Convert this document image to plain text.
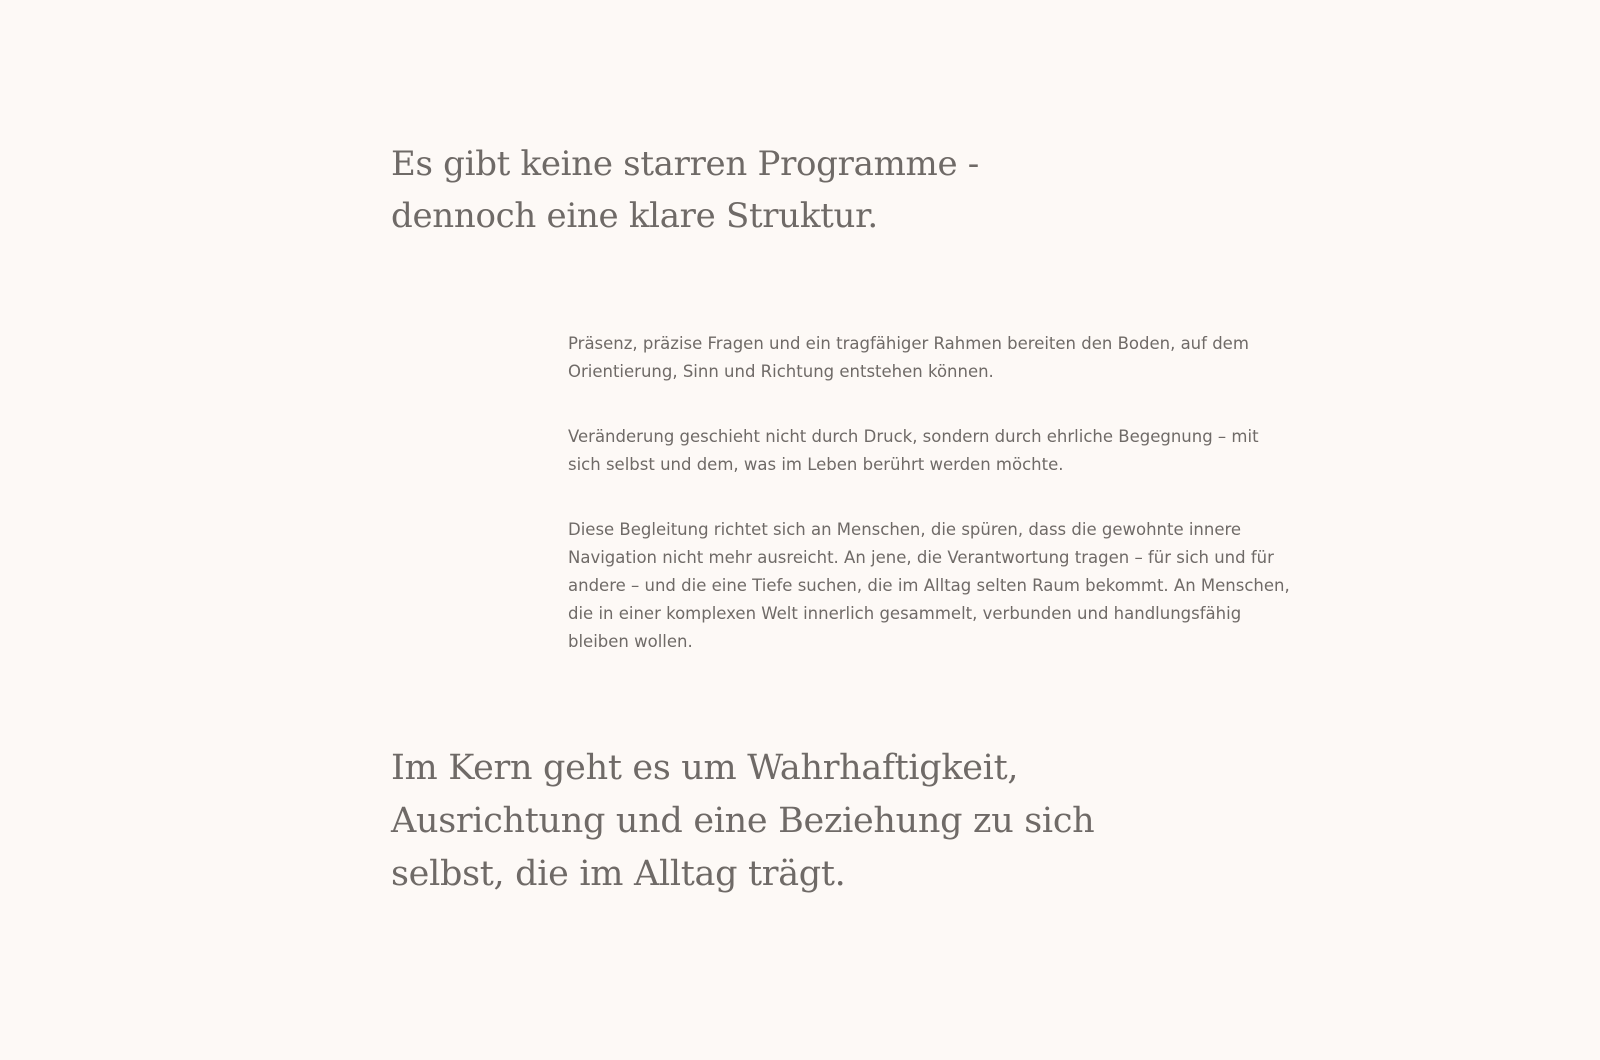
Es gibt keine starren Programme -
dennoch eine klare Struktur.

Präsenz, präzise Fragen und ein tragfähiger Rahmen bereiten den Boden, auf dem
Orientierung, Sinn und Richtung entstehen können.

Veränderung geschieht nicht durch Druck, sondern durch ehrliche Begegnung – mit
sich selbst und dem, was im Leben berührt werden möchte.

Diese Begleitung richtet sich an Menschen, die spüren, dass die gewohnte innere
Navigation nicht mehr ausreicht. An jene, die Verantwortung tragen – für sich und für
andere – und die eine Tiefe suchen, die im Alltag selten Raum bekommt. An Menschen,
die in einer komplexen Welt innerlich gesammelt, verbunden und handlungsfähig
bleiben wollen.

Im Kern geht es um Wahrhaftigkeit,
Ausrichtung und eine Beziehung zu sich
selbst, die im Alltag trägt.
